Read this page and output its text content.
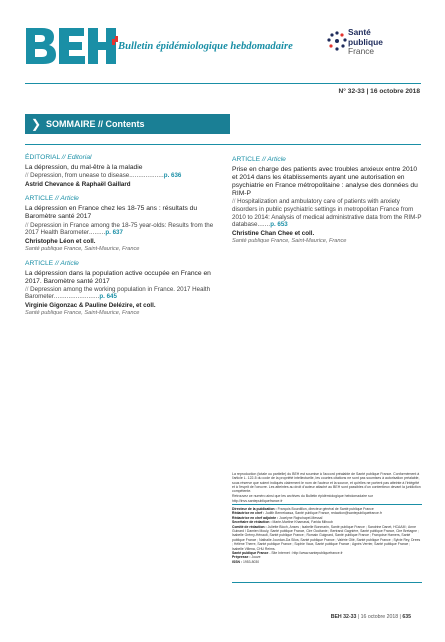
Bulletin épidémiologique hebdomadaire
Santé
publique
France
N° 32-33 | 16 octobre 2018
❯ SOMMAIRE // Contents
ÉDITORIAL // Editorial
La dépression, du mal-être à la maladie
// Depression, from unease to disease...................p. 636
Astrid Chevance & Raphaël Gaillard
ARTICLE // Article
La dépression en France chez les 18-75 ans : résultats du Baromètre santé 2017
// Depression in France among the 18-75 year-olds: Results from the 2017 Health Barometer.........p. 637
Christophe Léon et coll.
Santé publique France, Saint-Maurice, France
ARTICLE // Article
La dépression dans la population active occupée en France en 2017. Baromètre santé 2017
// Depression among the working population in France. 2017 Health Barometer.........................p. 645
Virginie Gigonzac & Pauline Delézire, et coll.
Santé publique France, Saint-Maurice, France
ARTICLE // Article
Prise en charge des patients avec troubles anxieux entre 2010 et 2014 dans les établissements ayant une autorisation en psychiatrie en France métropolitaine : analyse des données du RIM-P
// Hospitalization and ambulatory care of patients with anxiety disorders in public psychiatric settings in metropolitan France from 2010 to 2014: Analysis of medical administrative data from the RIM-P database.......p. 653
Christine Chan Chee et coll.
Santé publique France, Saint-Maurice, France
La reproduction (totale ou partielle) du BEH est soumise à l'accord préalable de Santé publique France. Conformément à l'article L. 122-5 du code de la propriété intellectuelle, les courtes citations ne sont pas soumises à autorisation préalable, sous réserve que soient indiqués clairement le nom de l'auteur et la source, et qu'elles ne portent pas atteinte à l'intégrité et à l'esprit de l'oeuvre. Les atteintes au droit d'auteur attaché au BEH sont passibles d'un contentieux devant la juridiction compétente.
Retrouvez ce numéro ainsi que les archives du Bulletin épidémiologique hebdomadaire sur http://invs.santepubliquefrance.fr
Directeur de la publication : François Bourdillon, directeur général de Santé publique France
Rédactrice en chef : Judith Benrekassa, Santé publique France, redaction@santepubliquefrance.fr
Rédactrice en chef adjointe : Jocelyne Rajnchapel-Messaï
Secrétaire de rédaction : Marie-Martine Khamassi, Farida Mihoub
Comité de rédaction : Juliette Bloch, Anses ; Isabelle Bonmarin, Santé publique France ; Sandrine Danet, HCAAM ; Anne Guinard / Damien Mouly, Santé publique France, Cire Occitanie ; Bertrand Gagnière, Santé publique France, Cire Bretagne ; Isabelle Grémy-Hénault, Santé publique France ; Romain Guignard, Santé publique France ; Françoise Hamers, Santé publique France ; Nathalie Jourdan-Da Silva, Santé publique France ; Valérie Olié, Santé publique France ; Sylvie Rey, Drees ; Hélène Therre, Santé publique France ; Sophie Vaux, Santé publique France ; Agnès Verrier, Santé publique France ; Isabelle Villena, CHU Reims.
Santé publique France - Site Internet : http://www.santepubliquefrance.fr
Prépresse : Jouve
ISSN : 1953-8030
BEH 32-33 | 16 octobre 2018 | 635
